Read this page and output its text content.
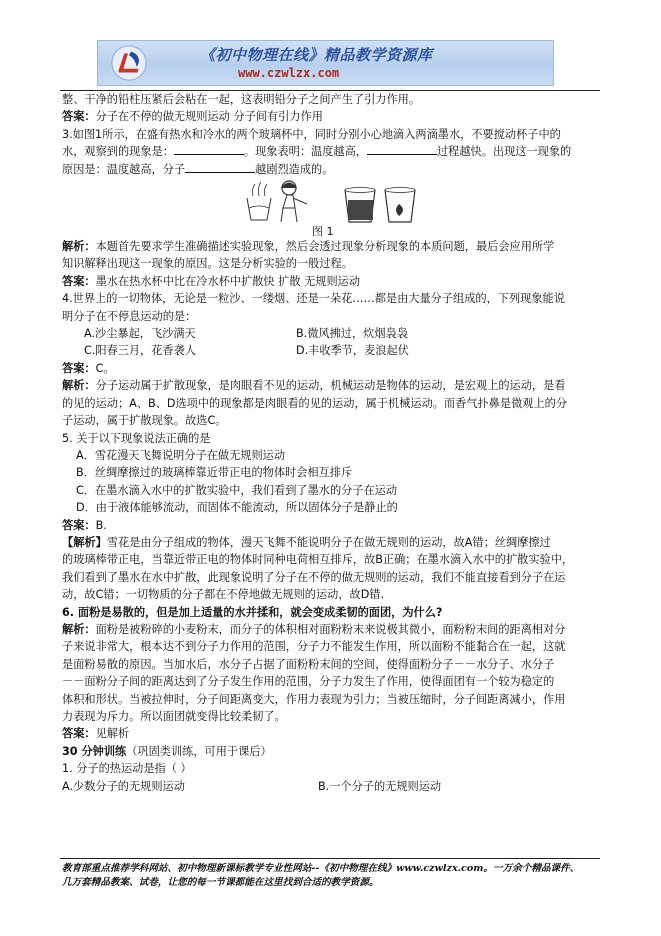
《初中物理在线》精品教学资源库
www.czwlzx.com
整、干净的铅柱压紧后会粘在一起，这表明铅分子之间产生了引力作用。
答案：分子在不停的做无规则运动 分子间有引力作用
3.如图1所示，在盛有热水和冷水的两个玻璃杯中，同时分别小心地滴入两滴墨水，不要搅动杯子中的
水，观察到的现象是：	。现象表明：温度越高，	过程越快。出现这一现象的
原因是：温度越高，分子	越剧烈造成的。
图 1
解析：本题首先要求学生准确描述实验现象，然后会透过现象分析现象的本质问题，最后会应用所学
知识解释出现这一现象的原因。这是分析实验的一般过程。
答案：墨水在热水杯中比在冷水杯中扩散快 扩散 无规则运动
4.世界上的一切物体，无论是一粒沙、一缕烟、还是一朵花……都是由大量分子组成的，下列现象能说
明分子在不停息运动的是：
A.沙尘暴起，飞沙满天	B.微风拂过，炊烟袅袅
C.阳春三月，花香袭人	D.丰收季节，麦浪起伏
答案：C。
解析：分子运动属于扩散现象，是肉眼看不见的运动，机械运动是物体的运动，是宏观上的运动，是看
的见的运动；A、B、D选项中的现象都是肉眼看的见的运动，属于机械运动。而香气扑鼻是微观上的分
子运动，属于扩散现象。故选C。
5. 关于以下现象说法正确的是
A．雪花漫天飞舞说明分子在做无规则运动
B．丝绸摩擦过的玻璃棒靠近带正电的物体时会相互排斥
C．在墨水滴入水中的扩散实验中，我们看到了墨水的分子在运动
D．由于液体能够流动，而固体不能流动，所以固体分子是静止的
答案：B.
【解析】雪花是由分子组成的物体，漫天飞舞不能说明分子在做无规则的运动，故A错；丝绸摩擦过
的玻璃棒带正电，当靠近带正电的物体时同种电荷相互排斥，故B正确；在墨水滴入水中的扩散实验中，
我们看到了墨水在水中扩散，此现象说明了分子在不停的做无规则的运动，我们不能直接看到分子在运
动，故C错；一切物质的分子都在不停地做无规则的运动，故D错.
6. 面粉是易散的，但是加上适量的水并揉和，就会变成柔韧的面团，为什么?
解析：面粉是被粉碎的小麦粉末，而分子的体积相对面粉粉末来说极其微小，面粉粉末间的距离相对分
子来说非常大，根本达不到分子力作用的范围，分子力不能发生作用，所以面粉不能黏合在一起，这就
是面粉易散的原因。当加水后，水分子占据了面粉粉末间的空间，使得面粉分子－－水分子、水分子
－－面粉分子间的距离达到了分子发生作用的范围，分子力发生了作用，使得面团有一个较为稳定的
体积和形状。当被拉伸时，分子间距离变大，作用力表现为引力；当被压缩时，分子间距离减小，作用
力表现为斥力。所以面团就变得比较柔韧了。
答案：见解析
30 分钟训练（巩固类训练，可用于课后）
1. 分子的热运动是指（ ）
A.少数分子的无规则运动	B.一个分子的无规则运动
教育部重点推荐学科网站、初中物理新课标教学专业性网站--《初中物理在线》www.czwlzx.com。一万余个精品课件、
几万套精品教案、试卷，让您的每一节课都能在这里找到合适的教学资源。
